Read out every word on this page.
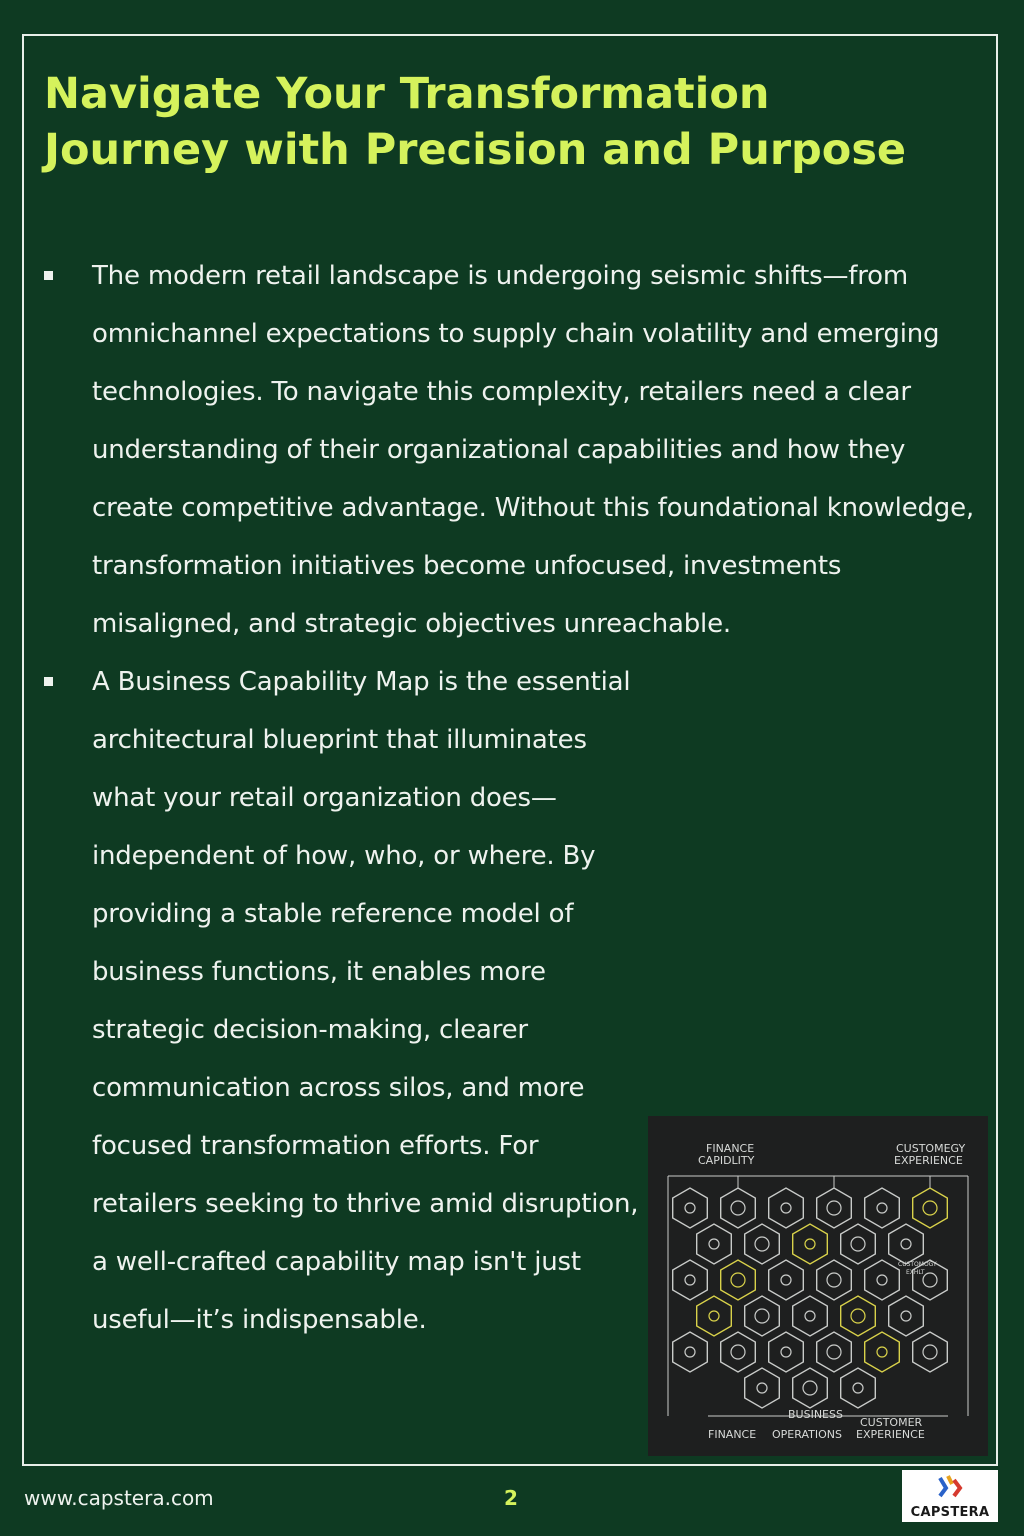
Navigate Your Transformation
Journey with Precision and Purpose
The modern retail landscape is undergoing seismic shifts—from omnichannel expectations to supply chain volatility and emerging technologies. To navigate this complexity, retailers need a clear understanding of their organizational capabilities and how they create competitive advantage. Without this foundational knowledge, transformation initiatives become unfocused, investments misaligned, and strategic objectives unreachable.
A Business Capability Map is the essential architectural blueprint that illuminates what your retail organization does—independent of how, who, or where. By providing a stable reference model of business functions, it enables more strategic decision-making, clearer communication across silos, and more focused transformation efforts. For retailers seeking to thrive amid disruption, a well-crafted capability map isn't just useful—it’s indispensable.
FINANCE
CAPIDLITY
CUSTOMEGY
EXPERIENCE
CUSTOMOGY
EXHLT
BUSINESS
CUSTOMER
FINANCE OPERATIONS EXPERIENCE
www.capstera.com	2
CAPSTERA
